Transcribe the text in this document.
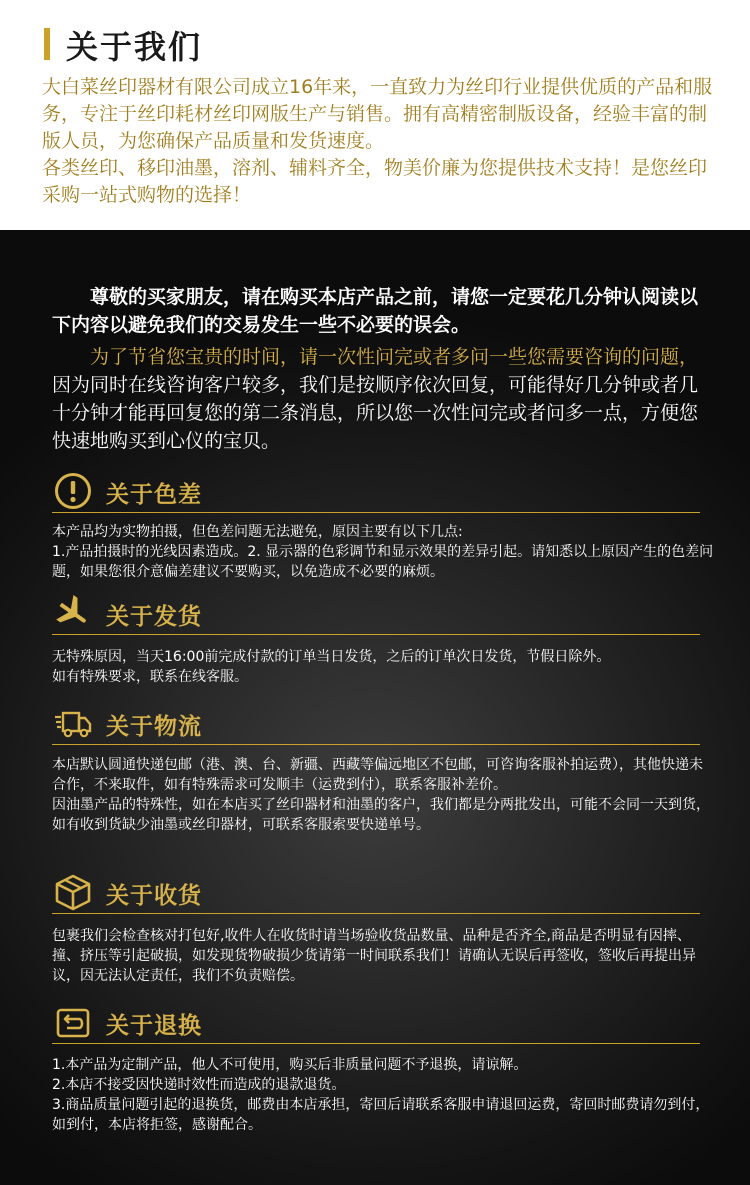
关于我们

大白菜丝印器材有限公司成立16年来，一直致力为丝印行业提供优质的产品和服务，专注于丝印耗材丝印网版生产与销售。拥有高精密制版设备，经验丰富的制版人员，为您确保产品质量和发货速度。

各类丝印、移印油墨，溶剂、辅料齐全，物美价廉为您提供技术支持！是您丝印采购一站式购物的选择！

尊敬的买家朋友，请在购买本店产品之前，请您一定要花几分钟认阅读以下内容以避免我们的交易发生一些不必要的误会。
为了节省您宝贵的时间，请一次性问完或者多问一些您需要咨询的问题，因为同时在线咨询客户较多，我们是按顺序依次回复，可能得好几分钟或者几十分钟才能再回复您的第二条消息，所以您一次性问完或者问多一点，方便您快速地购买到心仪的宝贝。
关于色差

本产品均为实物拍摄，但色差问题无法避免，原因主要有以下几点:

1.产品拍摄时的光线因素造成。2. 显示器的色彩调节和显示效果的差异引起。请知悉以上原因产生的色差问题，如果您很介意偏差建议不要购买，以免造成不必要的麻烦。

关于发货

无特殊原因，当天16:00前完成付款的订单当日发货，之后的订单次日发货，节假日除外。

如有特殊要求，联系在线客服。

关于物流

本店默认圆通快递包邮（港、澳、台、新疆、西藏等偏远地区不包邮，可咨询客服补拍运费），其他快递未合作，不来取件，如有特殊需求可发顺丰（运费到付），联系客服补差价。

因油墨产品的特殊性，如在本店买了丝印器材和油墨的客户，我们都是分两批发出，可能不会同一天到货，如有收到货缺少油墨或丝印器材，可联系客服索要快递单号。

关于收货

包裹我们会检查核对打包好,收件人在收货时请当场验收货品数量、品种是否齐全,商品是否明显有因摔、撞、挤压等引起破损，如发现货物破损少货请第一时间联系我们！请确认无误后再签收，签收后再提出异议，因无法认定责任，我们不负责赔偿。

关于退换

1.本产品为定制产品，他人不可使用，购买后非质量问题不予退换，请谅解。

2.本店不接受因快递时效性而造成的退款退货。

3.商品质量问题引起的退换货，邮费由本店承担，寄回后请联系客服申请退回运费，寄回时邮费请勿到付，如到付，本店将拒签，感谢配合。
